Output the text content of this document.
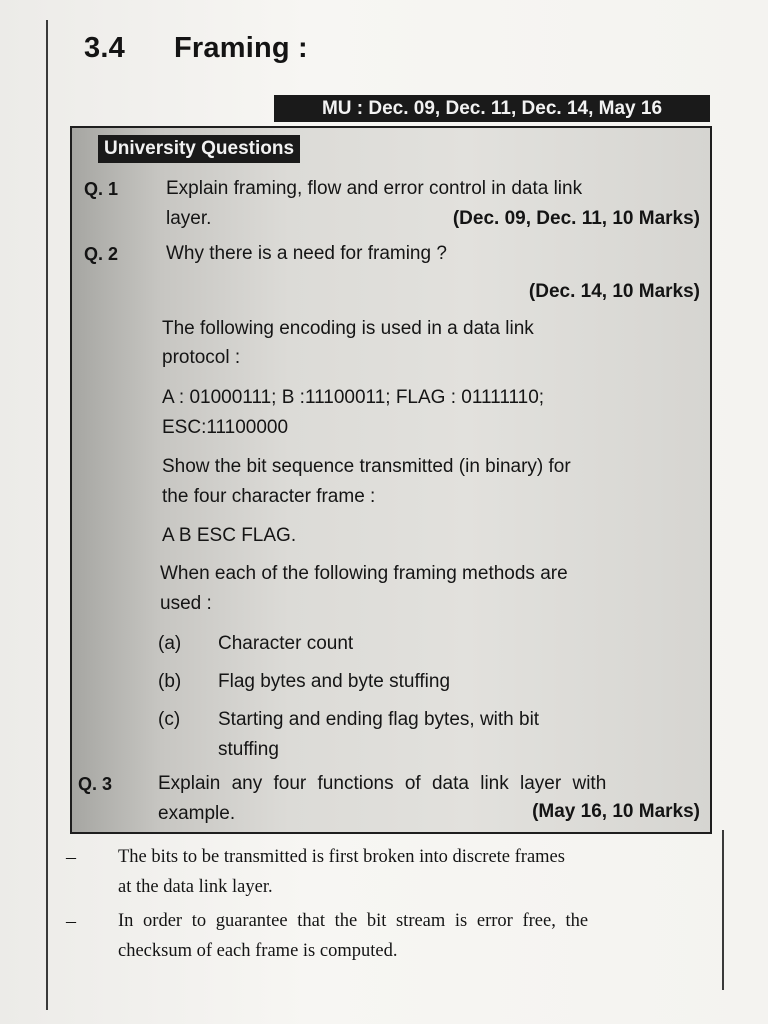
3.4 Framing :
MU : Dec. 09, Dec. 11, Dec. 14, May 16
University Questions
Q. 1	Explain framing, flow and error control in data link
layer.	(Dec. 09, Dec. 11, 10 Marks)
Q. 2	Why there is a need for framing ?
(Dec. 14, 10 Marks)
The following encoding is used in a data link
protocol :
A : 01000111; B :11100011; FLAG : 01111110;
ESC:11100000
Show the bit sequence transmitted (in binary) for
the four character frame :
A B ESC FLAG.
When each of the following framing methods are
used :
(a) Character count
(b) Flag bytes and byte stuffing
(c) Starting and ending flag bytes, with bit
stuffing
Q. 3 Explain any four functions of data link layer with
example.	(May 16, 10 Marks)
–	The bits to be transmitted is first broken into discrete frames
at the data link layer.
–	In order to guarantee that the bit stream is error free, the
checksum of each frame is computed.
